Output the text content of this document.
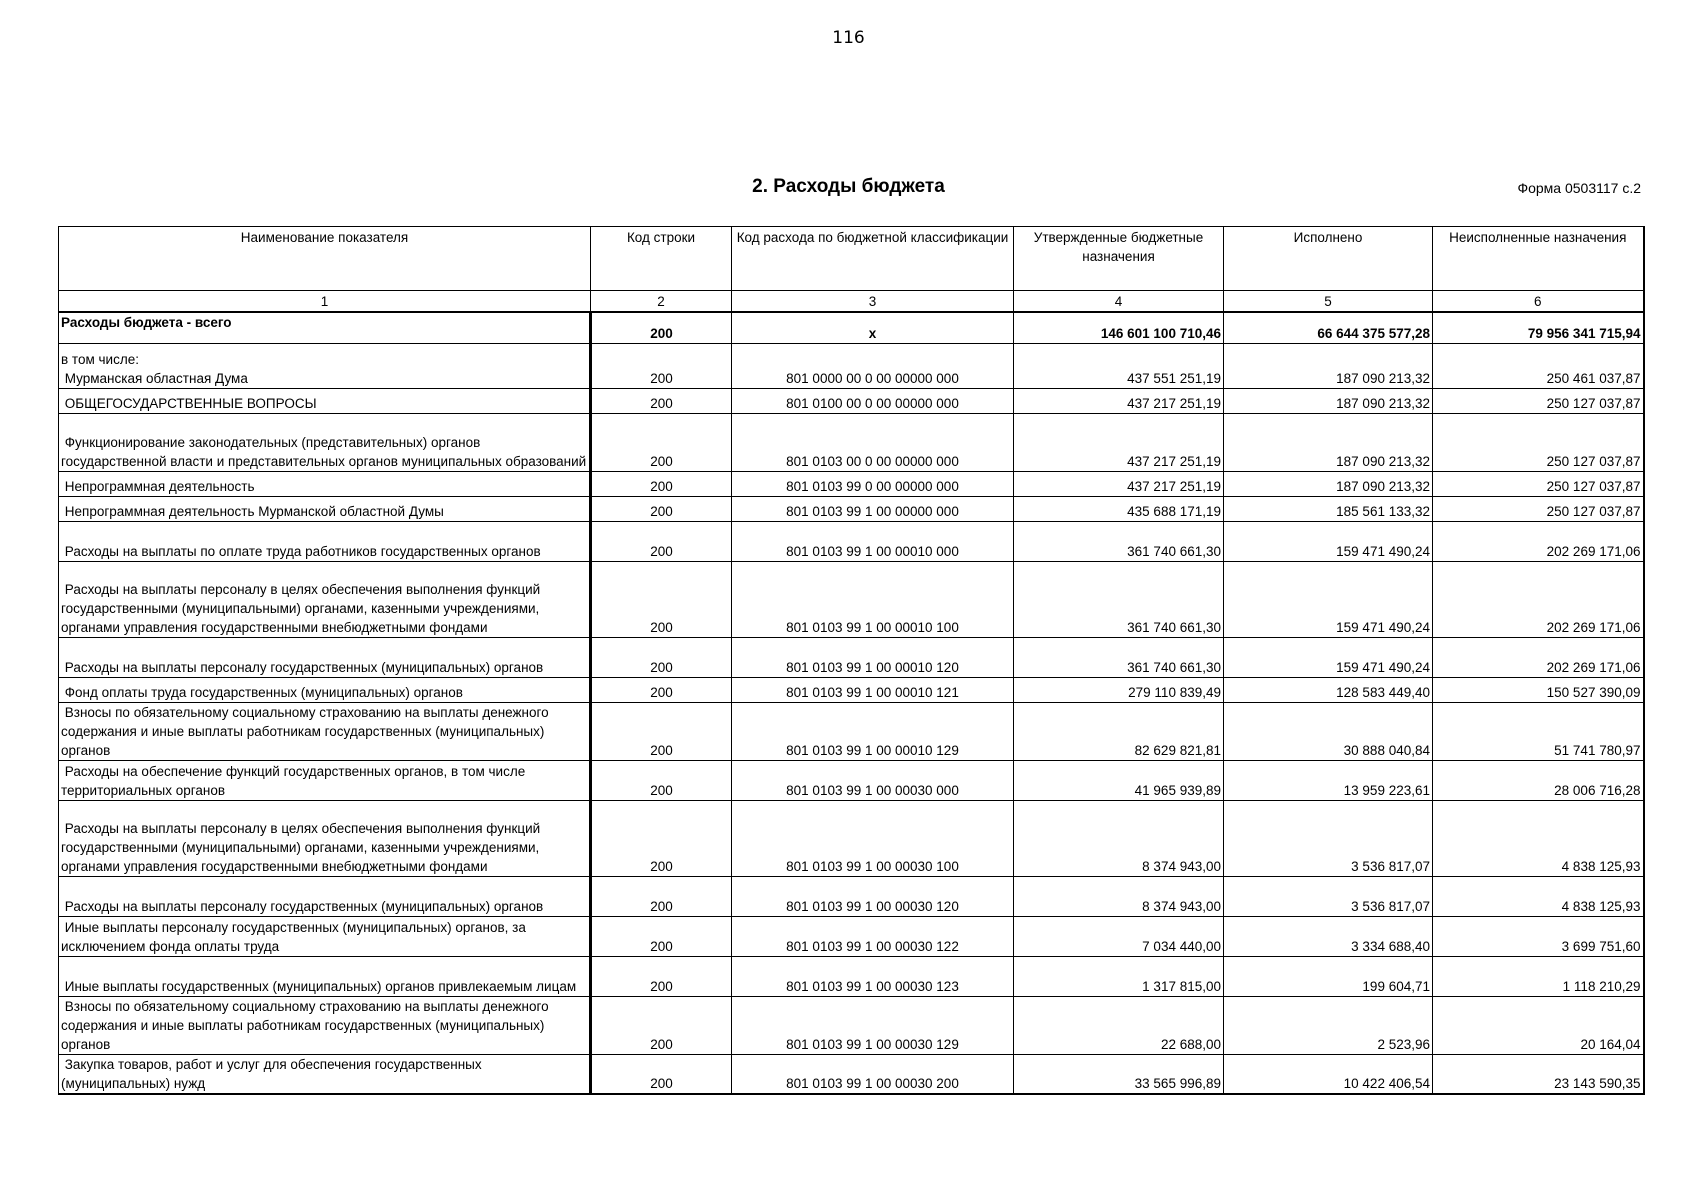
116
2. Расходы бюджета	Форма 0503117 с.2
Наименование показателя	Код строки	Код расхода по бюджетной классификации	Утвержденные бюджетные назначения	Исполнено	Неисполненные назначения
1	2	3	4	5	6
Расходы бюджета - всего	200	x	146 601 100 710,46	66 644 375 577,28	79 956 341 715,94
в том числе:
Мурманская областная Дума	200	801 0000 00 0 00 00000 000	437 551 251,19	187 090 213,32	250 461 037,87
ОБЩЕГОСУДАРСТВЕННЫЕ ВОПРОСЫ	200	801 0100 00 0 00 00000 000	437 217 251,19	187 090 213,32	250 127 037,87
Функционирование законодательных (представительных) органов государственной власти и представительных органов муниципальных образований	200	801 0103 00 0 00 00000 000	437 217 251,19	187 090 213,32	250 127 037,87
Непрограммная деятельность	200	801 0103 99 0 00 00000 000	437 217 251,19	187 090 213,32	250 127 037,87
Непрограммная деятельность Мурманской областной Думы	200	801 0103 99 1 00 00000 000	435 688 171,19	185 561 133,32	250 127 037,87
Расходы на выплаты по оплате труда работников государственных органов	200	801 0103 99 1 00 00010 000	361 740 661,30	159 471 490,24	202 269 171,06
Расходы на выплаты персоналу в целях обеспечения выполнения функций государственными (муниципальными) органами, казенными учреждениями, органами управления государственными внебюджетными фондами	200	801 0103 99 1 00 00010 100	361 740 661,30	159 471 490,24	202 269 171,06
Расходы на выплаты персоналу государственных (муниципальных) органов	200	801 0103 99 1 00 00010 120	361 740 661,30	159 471 490,24	202 269 171,06
Фонд оплаты труда государственных (муниципальных) органов	200	801 0103 99 1 00 00010 121	279 110 839,49	128 583 449,40	150 527 390,09
Взносы по обязательному социальному страхованию на выплаты денежного содержания и иные выплаты работникам государственных (муниципальных) органов	200	801 0103 99 1 00 00010 129	82 629 821,81	30 888 040,84	51 741 780,97
Расходы на обеспечение функций государственных органов, в том числе территориальных органов	200	801 0103 99 1 00 00030 000	41 965 939,89	13 959 223,61	28 006 716,28
Расходы на выплаты персоналу в целях обеспечения выполнения функций государственными (муниципальными) органами, казенными учреждениями, органами управления государственными внебюджетными фондами	200	801 0103 99 1 00 00030 100	8 374 943,00	3 536 817,07	4 838 125,93
Расходы на выплаты персоналу государственных (муниципальных) органов	200	801 0103 99 1 00 00030 120	8 374 943,00	3 536 817,07	4 838 125,93
Иные выплаты персоналу государственных (муниципальных) органов, за исключением фонда оплаты труда	200	801 0103 99 1 00 00030 122	7 034 440,00	3 334 688,40	3 699 751,60
Иные выплаты государственных (муниципальных) органов привлекаемым лицам	200	801 0103 99 1 00 00030 123	1 317 815,00	199 604,71	1 118 210,29
Взносы по обязательному социальному страхованию на выплаты денежного содержания и иные выплаты работникам государственных (муниципальных) органов	200	801 0103 99 1 00 00030 129	22 688,00	2 523,96	20 164,04
Закупка товаров, работ и услуг для обеспечения государственных (муниципальных) нужд	200	801 0103 99 1 00 00030 200	33 565 996,89	10 422 406,54	23 143 590,35
